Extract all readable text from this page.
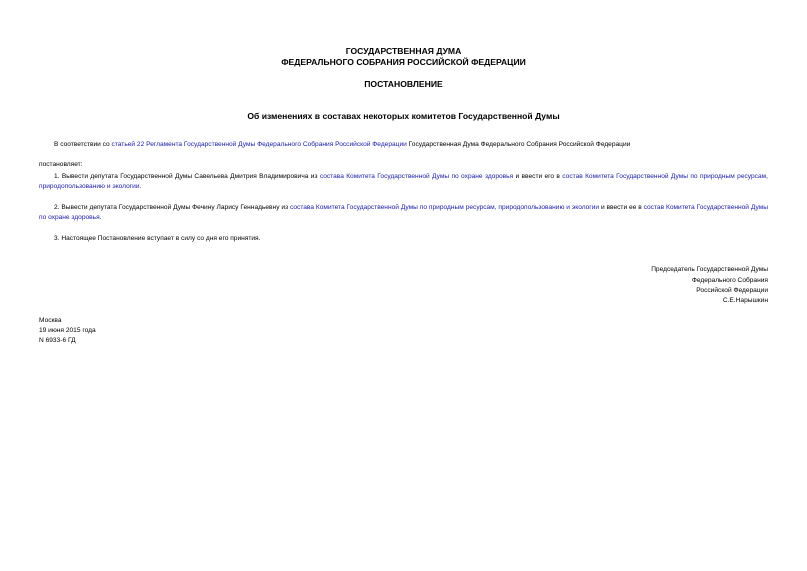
ГОСУДАРСТВЕННАЯ ДУМА
ФЕДЕРАЛЬНОГО СОБРАНИЯ РОССИЙСКОЙ ФЕДЕРАЦИИ
ПОСТАНОВЛЕНИЕ
Об изменениях в составах некоторых комитетов Государственной Думы
В соответствии со статьей 22 Регламента Государственной Думы Федерального Собрания Российской Федерации Государственная Дума Федерального Собрания Российской Федерации
постановляет:
1. Вывести депутата Государственной Думы Савельева Дмитрия Владимировича из состава Комитета Государственной Думы по охране здоровья и ввести его в состав Комитета Государственной Думы по природным ресурсам, природопользованию и экологии.
2. Вывести депутата Государственной Думы Фечину Ларису Геннадьевну из состава Комитета Государственной Думы по природным ресурсам, природопользованию и экологии и ввести ее в состав Комитета Государственной Думы по охране здоровья.
3. Настоящее Постановление вступает в силу со дня его принятия.
Председатель Государственной Думы
Федерального Собрания
Российской Федерации
С.Е.Нарышкин
Москва
19 июня 2015 года
N 6933-6 ГД
